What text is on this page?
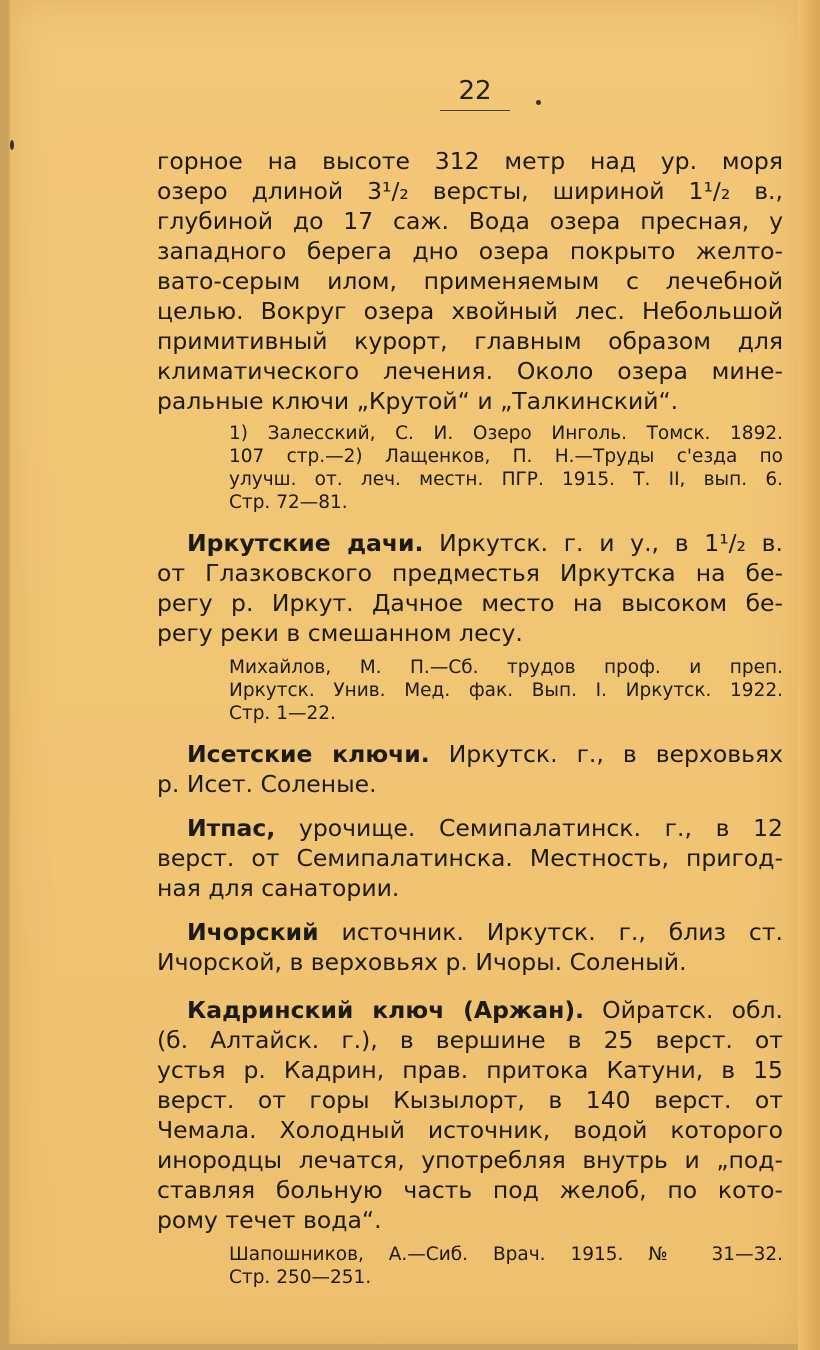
22
горное на высоте 312 метр над ур. моря
озеро длиной 3¹/₂ версты, шириной 1¹/₂ в.,
глубиной до 17 саж. Вода озера пресная, у
западного берега дно озера покрыто желто-
вато-серым илом, применяемым с лечебной
целью. Вокруг озера хвойный лес. Небольшой
примитивный курорт, главным образом для
климатического лечения. Около озера мине-
ральные ключи „Крутой“ и „Талкинский“.
1) Залесский, С. И. Озеро Инголь. Томск. 1892.
107 стр.—2) Лащенков, П. Н.—Труды с'езда по
улучш. от. леч. местн. ПГР. 1915. Т. II, вып. 6.
Стр. 72—81.
Иркутские дачи. Иркутск. г. и у., в 1¹/₂ в.
от Глазковского предместья Иркутска на бе-
регу р. Иркут. Дачное место на высоком бе-
регу реки в смешанном лесу.
Михайлов, М. П.—Сб. трудов проф. и преп.
Иркутск. Унив. Мед. фак. Вып. I. Иркутск. 1922.
Стр. 1—22.
Исетские ключи. Иркутск. г., в верховьях
р. Исет. Соленые.
Итпас, урочище. Семипалатинск. г., в 12
верст. от Семипалатинска. Местность, пригод-
ная для санатории.
Ичорский источник. Иркутск. г., близ ст.
Ичорской, в верховьях р. Ичоры. Соленый.
Кадринский ключ (Аржан). Ойратск. обл.
(б. Алтайск. г.), в вершине в 25 верст. от
устья р. Кадрин, прав. притока Катуни, в 15
верст. от горы Кызылорт, в 140 верст. от
Чемала. Холодный источник, водой которого
инородцы лечатся, употребляя внутрь и „под-
ставляя больную часть под желоб, по кото-
рому течет вода“.
Шапошников, А.—Сиб. Врач. 1915. № 31—32.
Стр. 250—251.
